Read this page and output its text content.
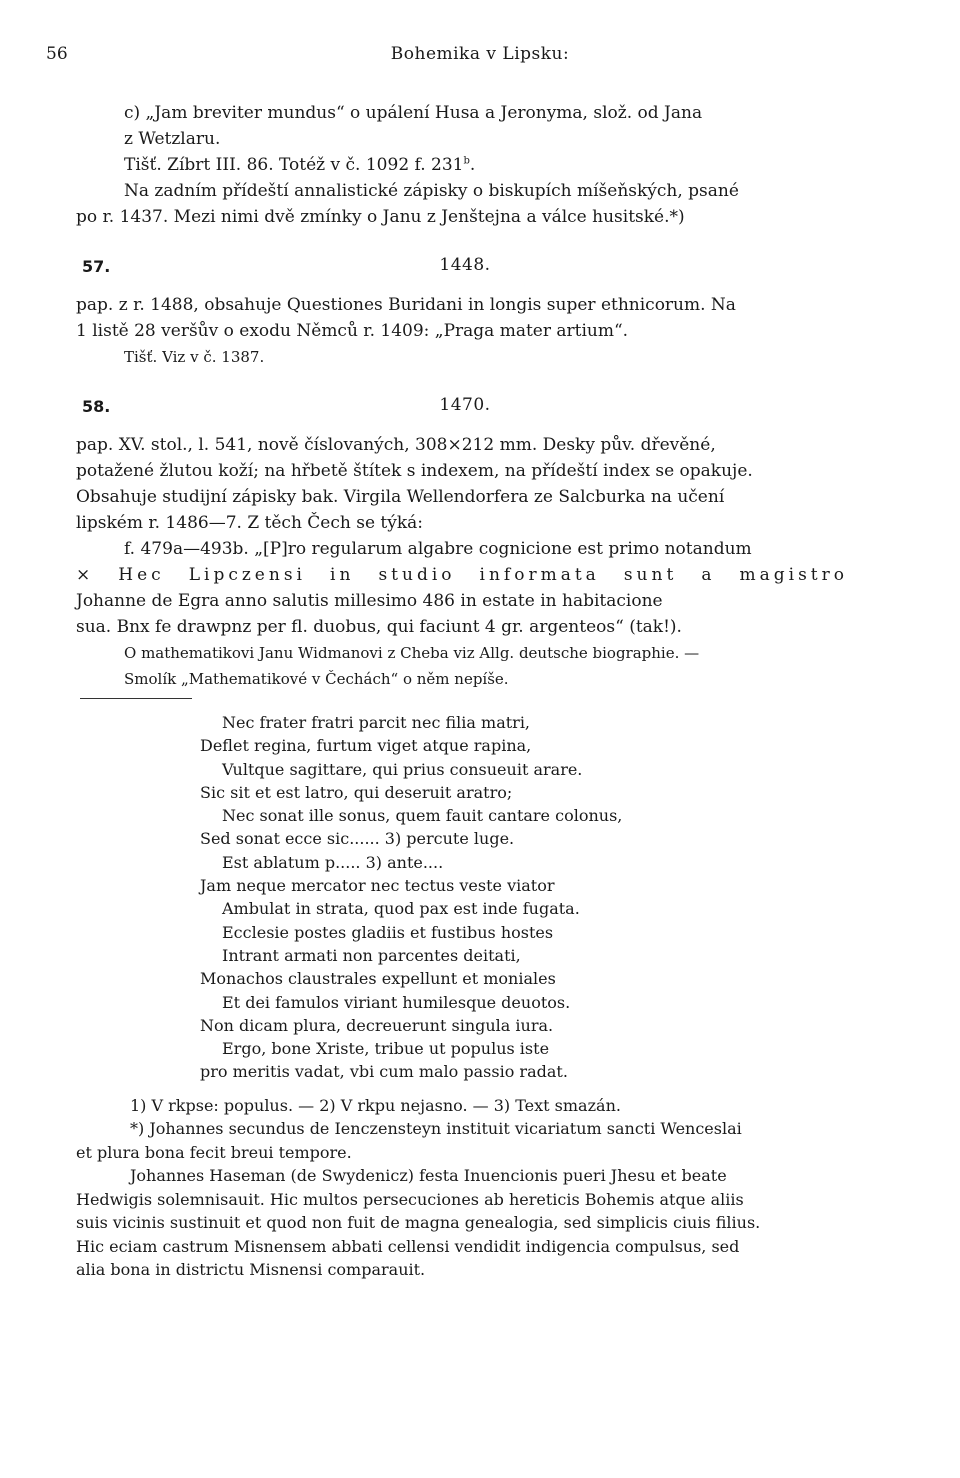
56	Bohemika v Lipsku:
c) „Jam breviter mundus“ o upálení Husa a Jeronyma, slož. od Jana
z Wetzlaru.
Tišť. Zíbrt III. 86. Totéž v č. 1092 f. 231$^b$.
Na zadním přídeští annalistické zápisky o biskupích míšeňských, psané
po r. 1437. Mezi nimi dvě zmínky o Janu z Jenštejna a válce husitské.*)
57.	1448.
pap. z r. 1488, obsahuje Questiones Buridani in longis super ethnicorum. Na
1 listě 28 veršův o exodu Němců r. 1409: „Praga mater artium“.
Tišť. Viz v č. 1387.
58.	1470.
pap. XV. stol., l. 541, nově číslovaných, 308×212 mm. Desky pův. dřevěné,
potažené žlutou koží; na hřbetě štítek s indexem, na přídeští index se opakuje.
Obsahuje studijní zápisky bak. Virgila Wellendorfera ze Salcburka na učení
lipském r. 1486—7. Z těch Čech se týká:
f. 479a—493b. „[P]ro regularum algabre cognicione est primo notandum
× Hec Lipczensi in studio informata sunt a magistro
Johanne de Egra anno salutis millesimo 486 in estate in habitacione
sua. Bnx fe drawpnz per fl. duobus, qui faciunt 4 gr. argenteos“ (tak!).
O mathematikovi Janu Widmanovi z Cheba viz Allg. deutsche biographie. —
Smolík „Mathematikové v Čechách“ o něm nepíše.
Nec frater fratri parcit nec filia matri,
Deflet regina, furtum viget atque rapina,
Vultque sagittare, qui prius consueuit arare.
Sic sit et est latro, qui deseruit aratro;
Nec sonat ille sonus, quem fauit cantare colonus,
Sed sonat ecce sic...... 3) percute luge.
Est ablatum p..... 3) ante....
Jam neque mercator nec tectus veste viator
Ambulat in strata, quod pax est inde fugata.
Ecclesie postes gladiis et fustibus hostes
Intrant armati non parcentes deitati,
Monachos claustrales expellunt et moniales
Et dei famulos viriant humilesque deuotos.
Non dicam plura, decreuerunt singula iura.
Ergo, bone Xriste, tribue ut populus iste
pro meritis vadat, vbi cum malo passio radat.
1) V rkpse: populus. — 2) V rkpu nejasno. — 3) Text smazán.
*) Johannes secundus de Ienczensteyn instituit vicariatum sancti Wenceslai
et plura bona fecit breui tempore.
Johannes Haseman (de Swydenicz) festa Inuencionis pueri Jhesu et beate
Hedwigis solemnisauit. Hic multos persecuciones ab hereticis Bohemis atque aliis
suis vicinis sustinuit et quod non fuit de magna genealogia, sed simplicis ciuis filius.
Hic eciam castrum Misnensem abbati cellensi vendidit indigencia compulsus, sed
alia bona in districtu Misnensi comparauit.
